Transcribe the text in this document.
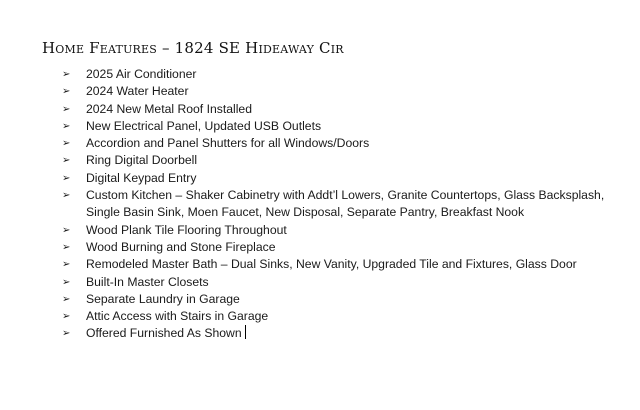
Home Features – 1824 SE Hideaway Cir
➢	2025 Air Conditioner
➢	2024 Water Heater
➢	2024 New Metal Roof Installed
➢	New Electrical Panel, Updated USB Outlets
➢	Accordion and Panel Shutters for all Windows/Doors
➢	Ring Digital Doorbell
➢	Digital Keypad Entry
➢	Custom Kitchen – Shaker Cabinetry with Addt’l Lowers, Granite Countertops, Glass Backsplash, Single Basin Sink, Moen Faucet, New Disposal, Separate Pantry, Breakfast Nook
➢	Wood Plank Tile Flooring Throughout
➢	Wood Burning and Stone Fireplace
➢	Remodeled Master Bath – Dual Sinks, New Vanity, Upgraded Tile and Fixtures, Glass Door
➢	Built-In Master Closets
➢	Separate Laundry in Garage
➢	Attic Access with Stairs in Garage
➢	Offered Furnished As Shown
